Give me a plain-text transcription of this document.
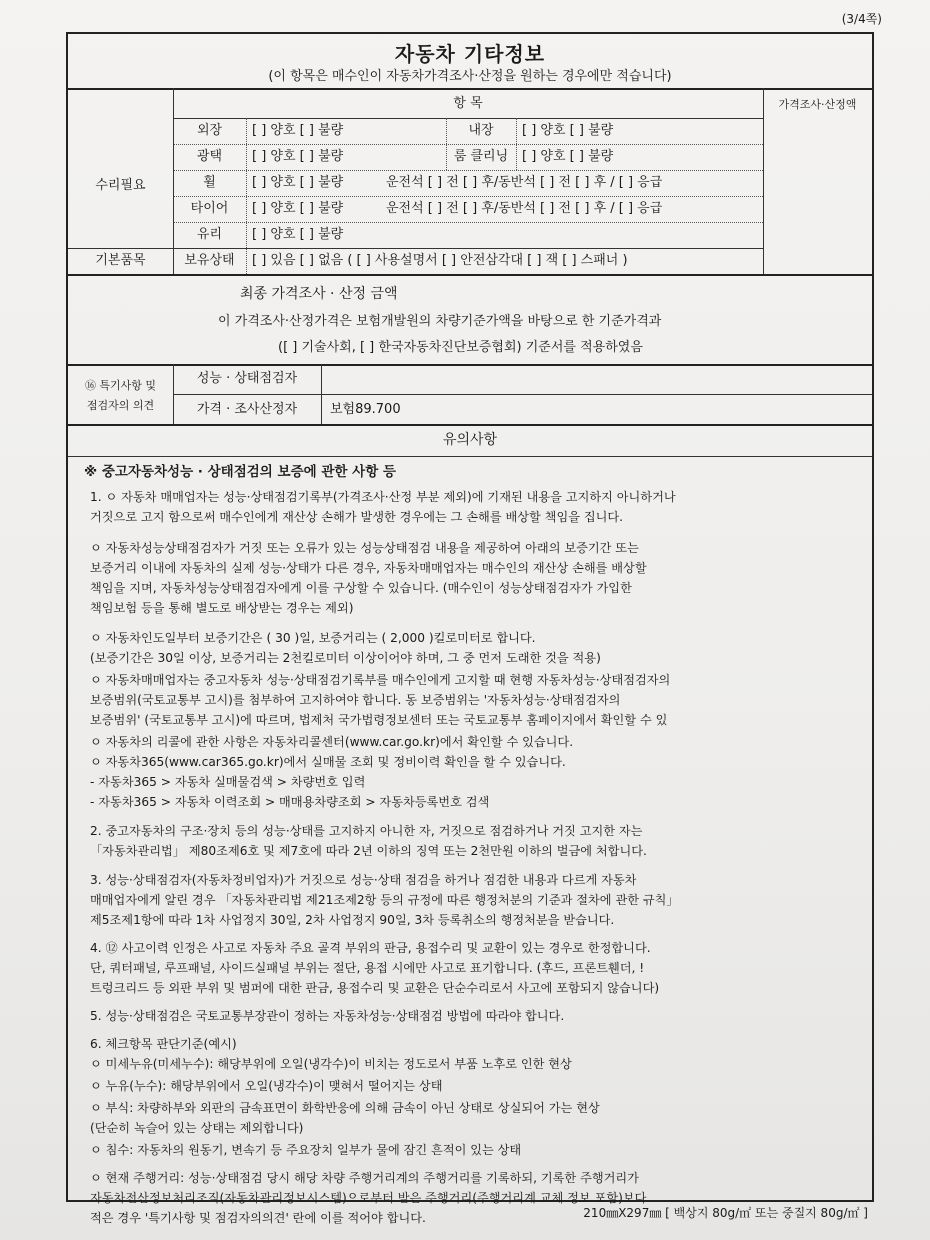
(3/4쪽)
자동차 기타정보
(이 항목은 매수인이 자동차가격조사·산정을 원하는 경우에만 적습니다)
항 목	가격조사·산정액
수리필요
외장	[ ] 양호 [ ] 불량	내장	[ ] 양호 [ ] 불량
광택	[ ] 양호 [ ] 불량	룸 클리닝	[ ] 양호 [ ] 불량
휠	[ ] 양호 [ ] 불량	운전석 [ ] 전 [ ] 후/동반석 [ ] 전 [ ] 후 / [ ] 응급
타이어	[ ] 양호 [ ] 불량	운전석 [ ] 전 [ ] 후/동반석 [ ] 전 [ ] 후 / [ ] 응급
유리	[ ] 양호 [ ] 불량
기본품목	보유상태	[ ] 있음 [ ] 없음 ( [ ] 사용설명서 [ ] 안전삼각대 [ ] 잭 [ ] 스패너 )
최종 가격조사 · 산정 금액
이 가격조사·산정가격은 보험개발원의 차량기준가액을 바탕으로 한 기준가격과
([ ] 기술사회, [ ] 한국자동차진단보증협회) 기준서를 적용하였음
⑯ 특기사항 및
점검자의 의견
성능 · 상태점검자
가격 · 조사산정자	보험89.700
유의사항
※ 중고자동차성능 · 상태점검의 보증에 관한 사항 등
1. ㅇ 자동차 매매업자는 성능·상태점검기록부(가격조사·산정 부분 제외)에 기재된 내용을 고지하지 아니하거나
거짓으로 고지 함으로써 매수인에게 재산상 손해가 발생한 경우에는 그 손해를 배상할 책임을 집니다.
ㅇ 자동차성능상태점검자가 거짓 또는 오류가 있는 성능상태점검 내용을 제공하여 아래의 보증기간 또는
보증거리 이내에 자동차의 실제 성능·상태가 다른 경우, 자동차매매업자는 매수인의 재산상 손해를 배상할
책임을 지며, 자동차성능상태점검자에게 이를 구상할 수 있습니다. (매수인이 성능상태점검자가 가입한
책임보험 등을 통해 별도로 배상받는 경우는 제외)
ㅇ 자동차인도일부터 보증기간은 ( 30 )일, 보증거리는 ( 2,000 )킬로미터로 합니다.
(보증기간은 30일 이상, 보증거리는 2천킬로미터 이상이어야 하며, 그 중 먼저 도래한 것을 적용)
ㅇ 자동차매매업자는 중고자동차 성능·상태점검기록부를 매수인에게 고지할 때 현행 자동차성능·상태점검자의
보증범위(국토교통부 고시)를 첨부하여 고지하여야 합니다. 동 보증범위는 '자동차성능·상태점검자의
보증범위' (국토교통부 고시)에 따르며, 법제처 국가법령정보센터 또는 국토교통부 홈페이지에서 확인할 수 있
ㅇ 자동차의 리콜에 관한 사항은 자동차리콜센터(www.car.go.kr)에서 확인할 수 있습니다.
ㅇ 자동차365(www.car365.go.kr)에서 실매물 조회 및 정비이력 확인을 할 수 있습니다.
- 자동차365 > 자동차 실매물검색 > 차량번호 입력
- 자동차365 > 자동차 이력조회 > 매매용차량조회 > 자동차등록번호 검색
2. 중고자동차의 구조·장치 등의 성능·상태를 고지하지 아니한 자, 거짓으로 점검하거나 거짓 고지한 자는
「자동차관리법」 제80조제6호 및 제7호에 따라 2년 이하의 징역 또는 2천만원 이하의 벌금에 처합니다.
3. 성능·상태점검자(자동차정비업자)가 거짓으로 성능·상태 점검을 하거나 점검한 내용과 다르게 자동차
매매업자에게 알린 경우 「자동차관리법 제21조제2항 등의 규정에 따른 행정처분의 기준과 절차에 관한 규칙」
제5조제1항에 따라 1차 사업정지 30일, 2차 사업정지 90일, 3차 등록취소의 행정처분을 받습니다.
4. ⑫ 사고이력 인정은 사고로 자동차 주요 골격 부위의 판금, 용접수리 및 교환이 있는 경우로 한정합니다.
단, 쿼터패널, 루프패널, 사이드실패널 부위는 절단, 용접 시에만 사고로 표기합니다. (후드, 프론트휀더, !
트렁크리드 등 외판 부위 및 범퍼에 대한 판금, 용접수리 및 교환은 단순수리로서 사고에 포함되지 않습니다)
5. 성능·상태점검은 국토교통부장관이 정하는 자동차성능·상태점검 방법에 따라야 합니다.
6. 체크항목 판단기준(예시)
ㅇ 미세누유(미세누수): 해당부위에 오일(냉각수)이 비치는 정도로서 부품 노후로 인한 현상
ㅇ 누유(누수): 해당부위에서 오일(냉각수)이 맺혀서 떨어지는 상태
ㅇ 부식: 차량하부와 외판의 금속표면이 화학반응에 의해 금속이 아닌 상태로 상실되어 가는 현상
(단순히 녹슬어 있는 상태는 제외합니다)
ㅇ 침수: 자동차의 원동기, 변속기 등 주요장치 일부가 물에 잠긴 흔적이 있는 상태
ㅇ 현재 주행거리: 성능·상태점검 당시 해당 차량 주행거리계의 주행거리를 기록하되, 기록한 주행거리가
자동차전산정보처리조직(자동차관리정보시스템)으로부터 받은 주행거리(주행거리계 교체 정보 포함)보다
적은 경우 '특기사항 및 점검자의의견' 란에 이를 적어야 합니다.	210㎜X297㎜ [ 백상지 80g/㎡ 또는 중질지 80g/㎡ ]
